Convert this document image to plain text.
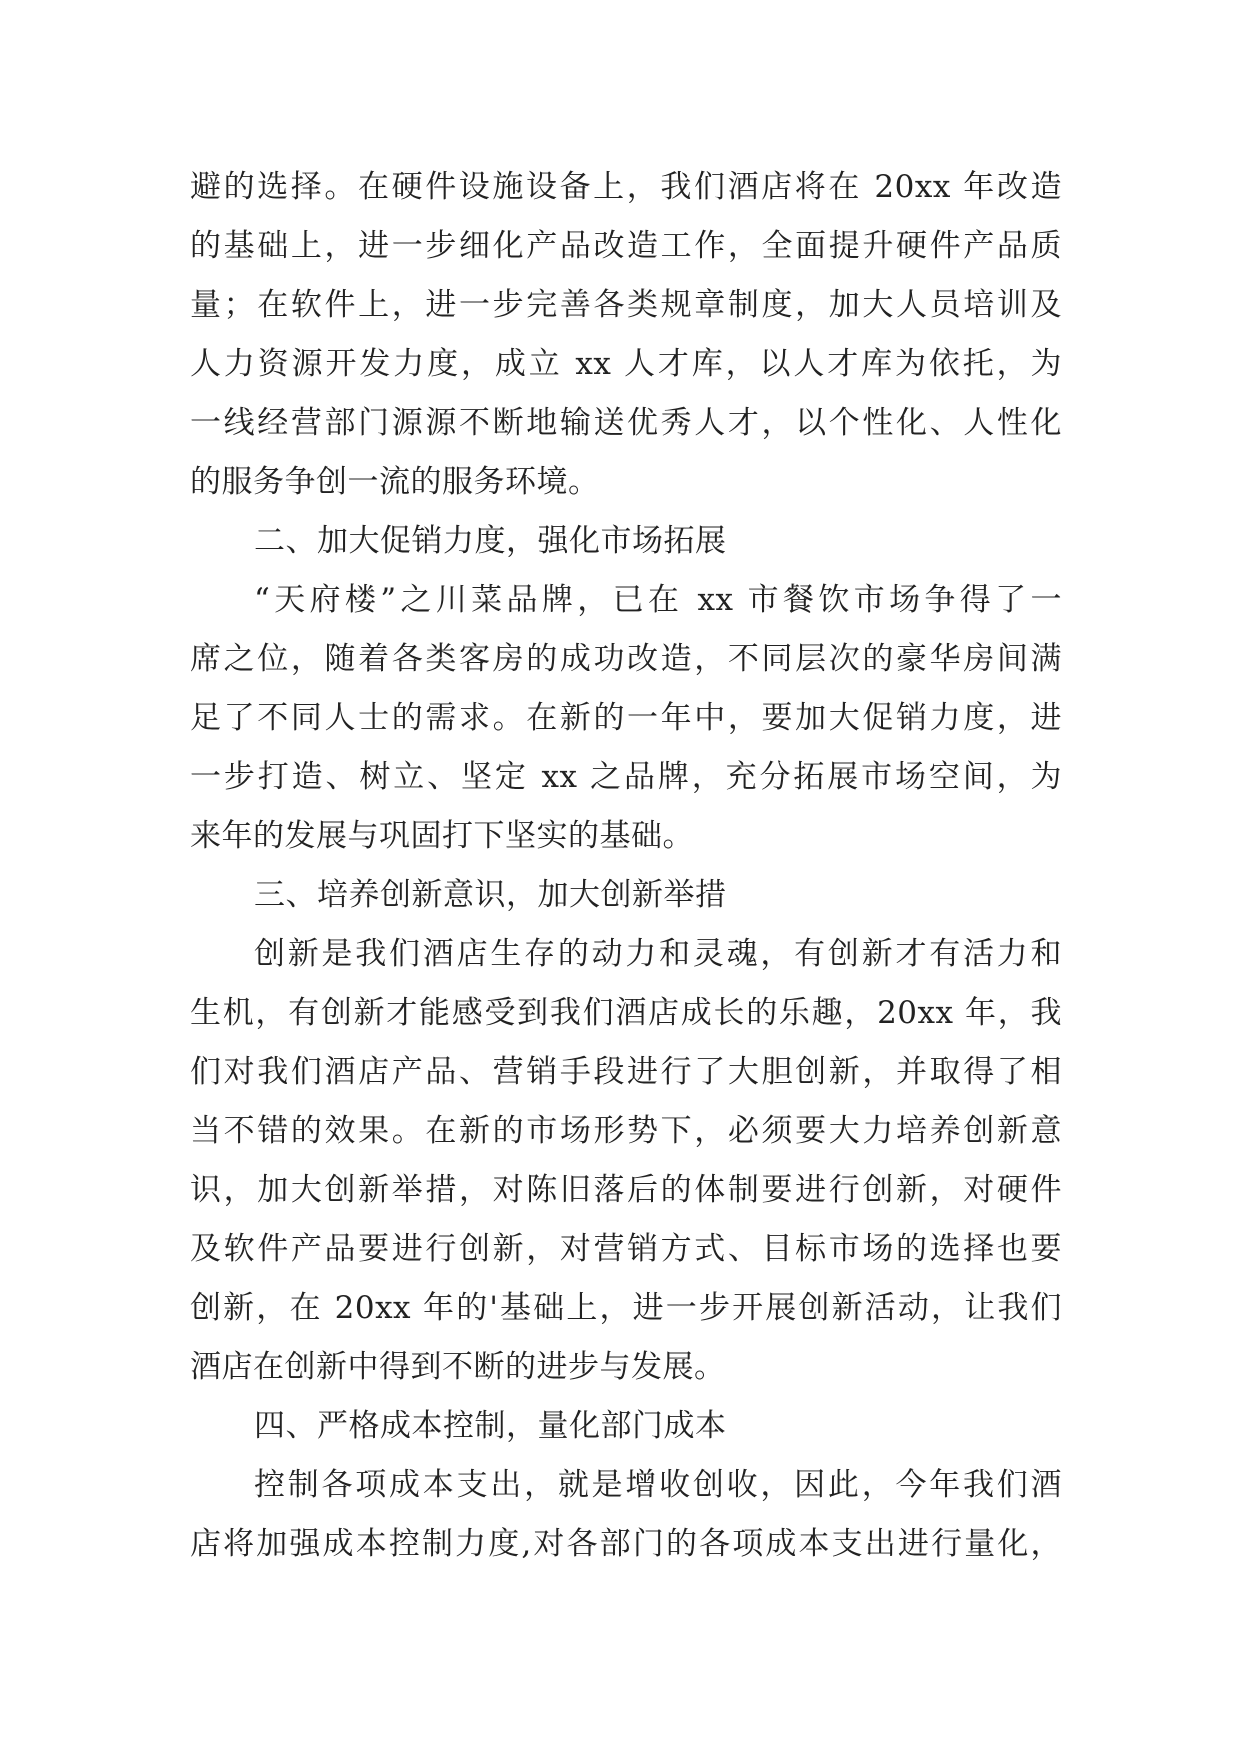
避的选择。在硬件设施设备上，我们酒店将在 20xx 年改造
的基础上，进一步细化产品改造工作，全面提升硬件产品质
量；在软件上，进一步完善各类规章制度，加大人员培训及
人力资源开发力度，成立 xx 人才库，以人才库为依托，为
一线经营部门源源不断地输送优秀人才，以个性化、人性化
的服务争创一流的服务环境。
二、加大促销力度，强化市场拓展
“天府楼”之川菜品牌，已在 xx 市餐饮市场争得了一
席之位，随着各类客房的成功改造，不同层次的豪华房间满
足了不同人士的需求。在新的一年中，要加大促销力度，进
一步打造、树立、坚定 xx 之品牌，充分拓展市场空间，为
来年的发展与巩固打下坚实的基础。
三、培养创新意识，加大创新举措
创新是我们酒店生存的动力和灵魂，有创新才有活力和
生机，有创新才能感受到我们酒店成长的乐趣，20xx 年，我
们对我们酒店产品、营销手段进行了大胆创新，并取得了相
当不错的效果。在新的市场形势下，必须要大力培养创新意
识，加大创新举措，对陈旧落后的体制要进行创新，对硬件
及软件产品要进行创新，对营销方式、目标市场的选择也要
创新，在 20xx 年的'基础上，进一步开展创新活动，让我们
酒店在创新中得到不断的进步与发展。
四、严格成本控制，量化部门成本
控制各项成本支出，就是增收创收，因此，今年我们酒
店将加强成本控制力度,对各部门的各项成本支出进行量化，
